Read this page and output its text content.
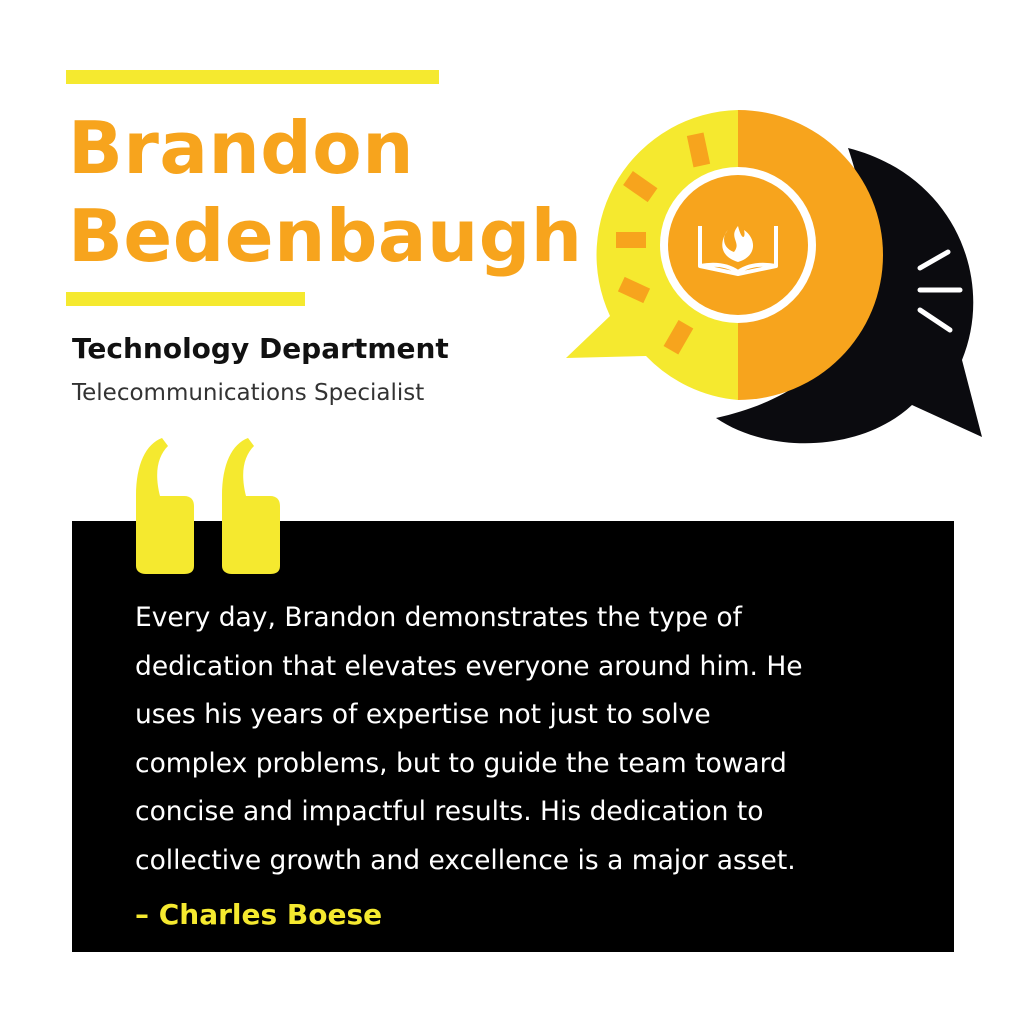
Brandon
Bedenbaugh
Technology Department
Telecommunications Specialist
Every day, Brandon demonstrates the type of
dedication that elevates everyone around him. He
uses his years of expertise not just to solve
complex problems, but to guide the team toward
concise and impactful results. His dedication to
collective growth and excellence is a major asset.
– Charles Boese
